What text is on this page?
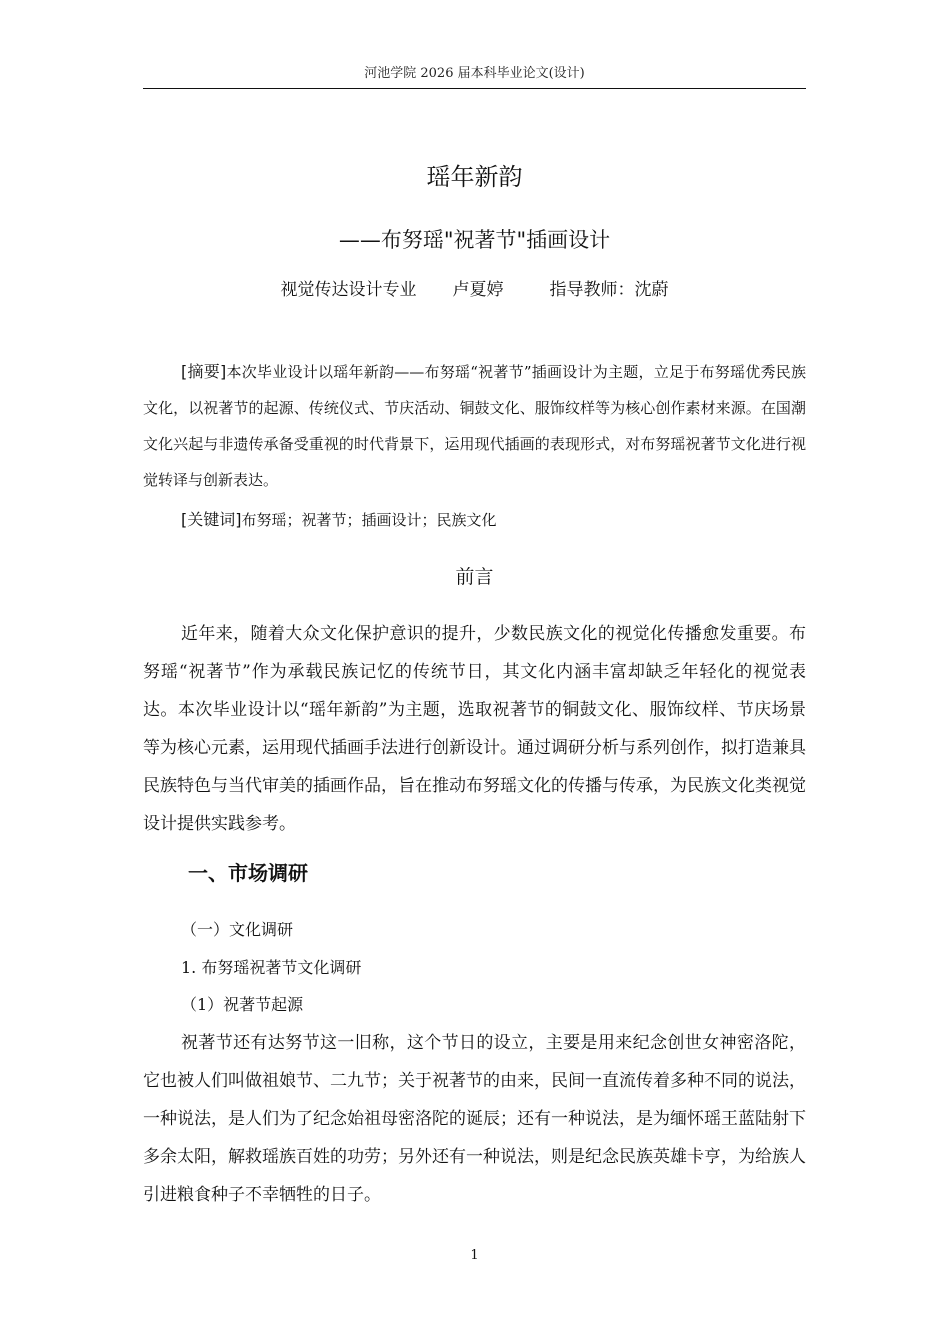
河池学院 2026 届本科毕业论文(设计)
瑶年新韵
——布努瑶"祝著节"插画设计
视觉传达设计专业 卢夏婷	指导教师：沈蔚
[摘要]本次毕业设计以瑶年新韵——布努瑶“祝著节”插画设计为主题，立足于布努瑶优秀民族文化，以祝著节的起源、传统仪式、节庆活动、铜鼓文化、服饰纹样等为核心创作素材来源。在国潮文化兴起与非遗传承备受重视的时代背景下，运用现代插画的表现形式，对布努瑶祝著节文化进行视觉转译与创新表达。
[关键词]布努瑶；祝著节；插画设计；民族文化
前言
近年来，随着大众文化保护意识的提升，少数民族文化的视觉化传播愈发重要。布努瑶“祝著节”作为承载民族记忆的传统节日，其文化内涵丰富却缺乏年轻化的视觉表达。本次毕业设计以“瑶年新韵”为主题，选取祝著节的铜鼓文化、服饰纹样、节庆场景等为核心元素，运用现代插画手法进行创新设计。通过调研分析与系列创作，拟打造兼具民族特色与当代审美的插画作品，旨在推动布努瑶文化的传播与传承，为民族文化类视觉设计提供实践参考。
一、市场调研
（一）文化调研
1. 布努瑶祝著节文化调研
（1）祝著节起源
祝著节还有达努节这一旧称，这个节日的设立，主要是用来纪念创世女神密洛陀，它也被人们叫做祖娘节、二九节；关于祝著节的由来，民间一直流传着多种不同的说法，一种说法，是人们为了纪念始祖母密洛陀的诞辰；还有一种说法，是为缅怀瑶王蓝陆射下多余太阳，解救瑶族百姓的功劳；另外还有一种说法，则是纪念民族英雄卡亨，为给族人引进粮食种子不幸牺牲的日子。
1
